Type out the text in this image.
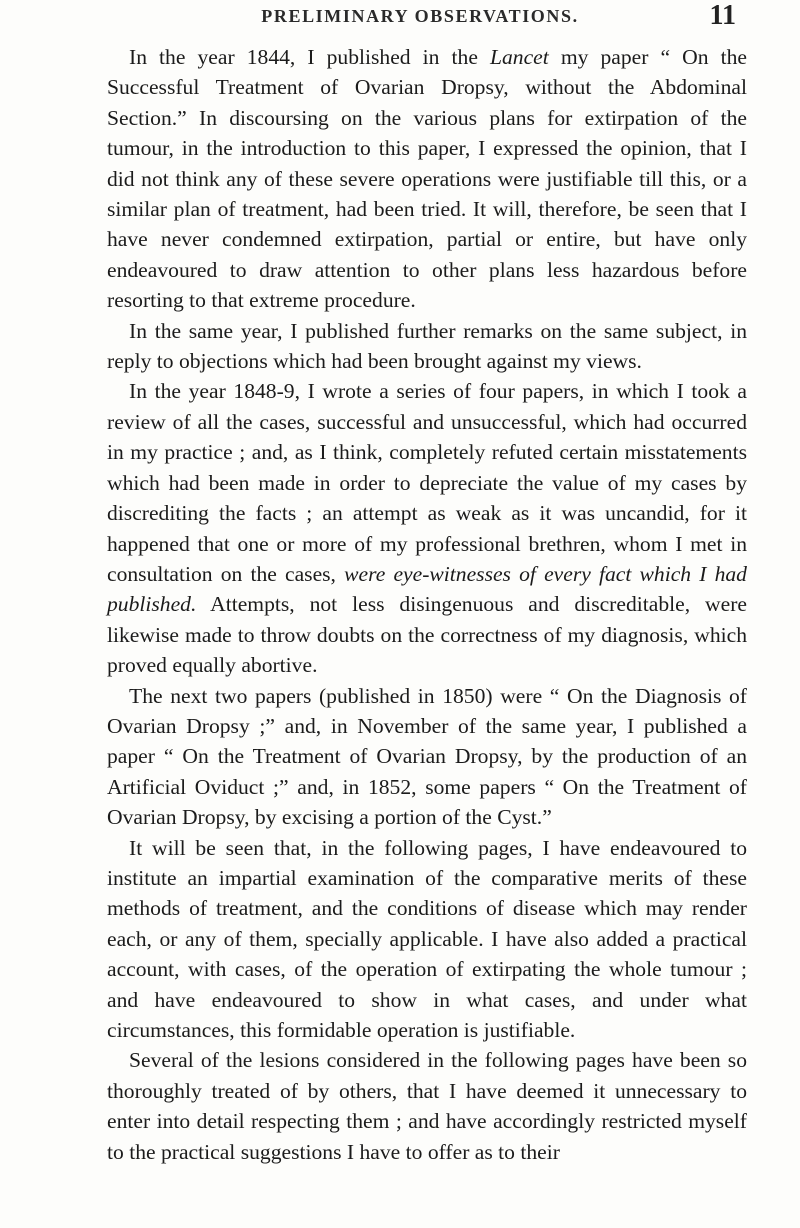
PRELIMINARY OBSERVATIONS.	11

In the year 1844, I published in the Lancet my paper “ On the Successful Treatment of Ovarian Dropsy, without the Abdominal Section.” In discoursing on the various plans for extirpation of the tumour, in the introduction to this paper, I expressed the opinion, that I did not think any of these severe operations were justifiable till this, or a similar plan of treatment, had been tried. It will, therefore, be seen that I have never condemned extirpation, partial or entire, but have only endeavoured to draw attention to other plans less hazardous before resorting to that extreme procedure.

In the same year, I published further remarks on the same subject, in reply to objections which had been brought against my views.

In the year 1848-9, I wrote a series of four papers, in which I took a review of all the cases, successful and unsuccessful, which had occurred in my practice ; and, as I think, completely refuted certain misstatements which had been made in order to depreciate the value of my cases by discrediting the facts ; an attempt as weak as it was uncandid, for it happened that one or more of my professional brethren, whom I met in consultation on the cases, were eye-witnesses of every fact which I had published. Attempts, not less disingenuous and discreditable, were likewise made to throw doubts on the correctness of my diagnosis, which proved equally abortive.

The next two papers (published in 1850) were “ On the Diagnosis of Ovarian Dropsy ;” and, in November of the same year, I published a paper “ On the Treatment of Ovarian Dropsy, by the production of an Artificial Oviduct ;” and, in 1852, some papers “ On the Treatment of Ovarian Dropsy, by excising a portion of the Cyst.”

It will be seen that, in the following pages, I have endeavoured to institute an impartial examination of the comparative merits of these methods of treatment, and the conditions of disease which may render each, or any of them, specially applicable. I have also added a practical account, with cases, of the operation of extirpating the whole tumour ; and have endeavoured to show in what cases, and under what circumstances, this formidable operation is justifiable.

Several of the lesions considered in the following pages have been so thoroughly treated of by others, that I have deemed it unnecessary to enter into detail respecting them ; and have accordingly restricted myself to the practical suggestions I have to offer as to their
